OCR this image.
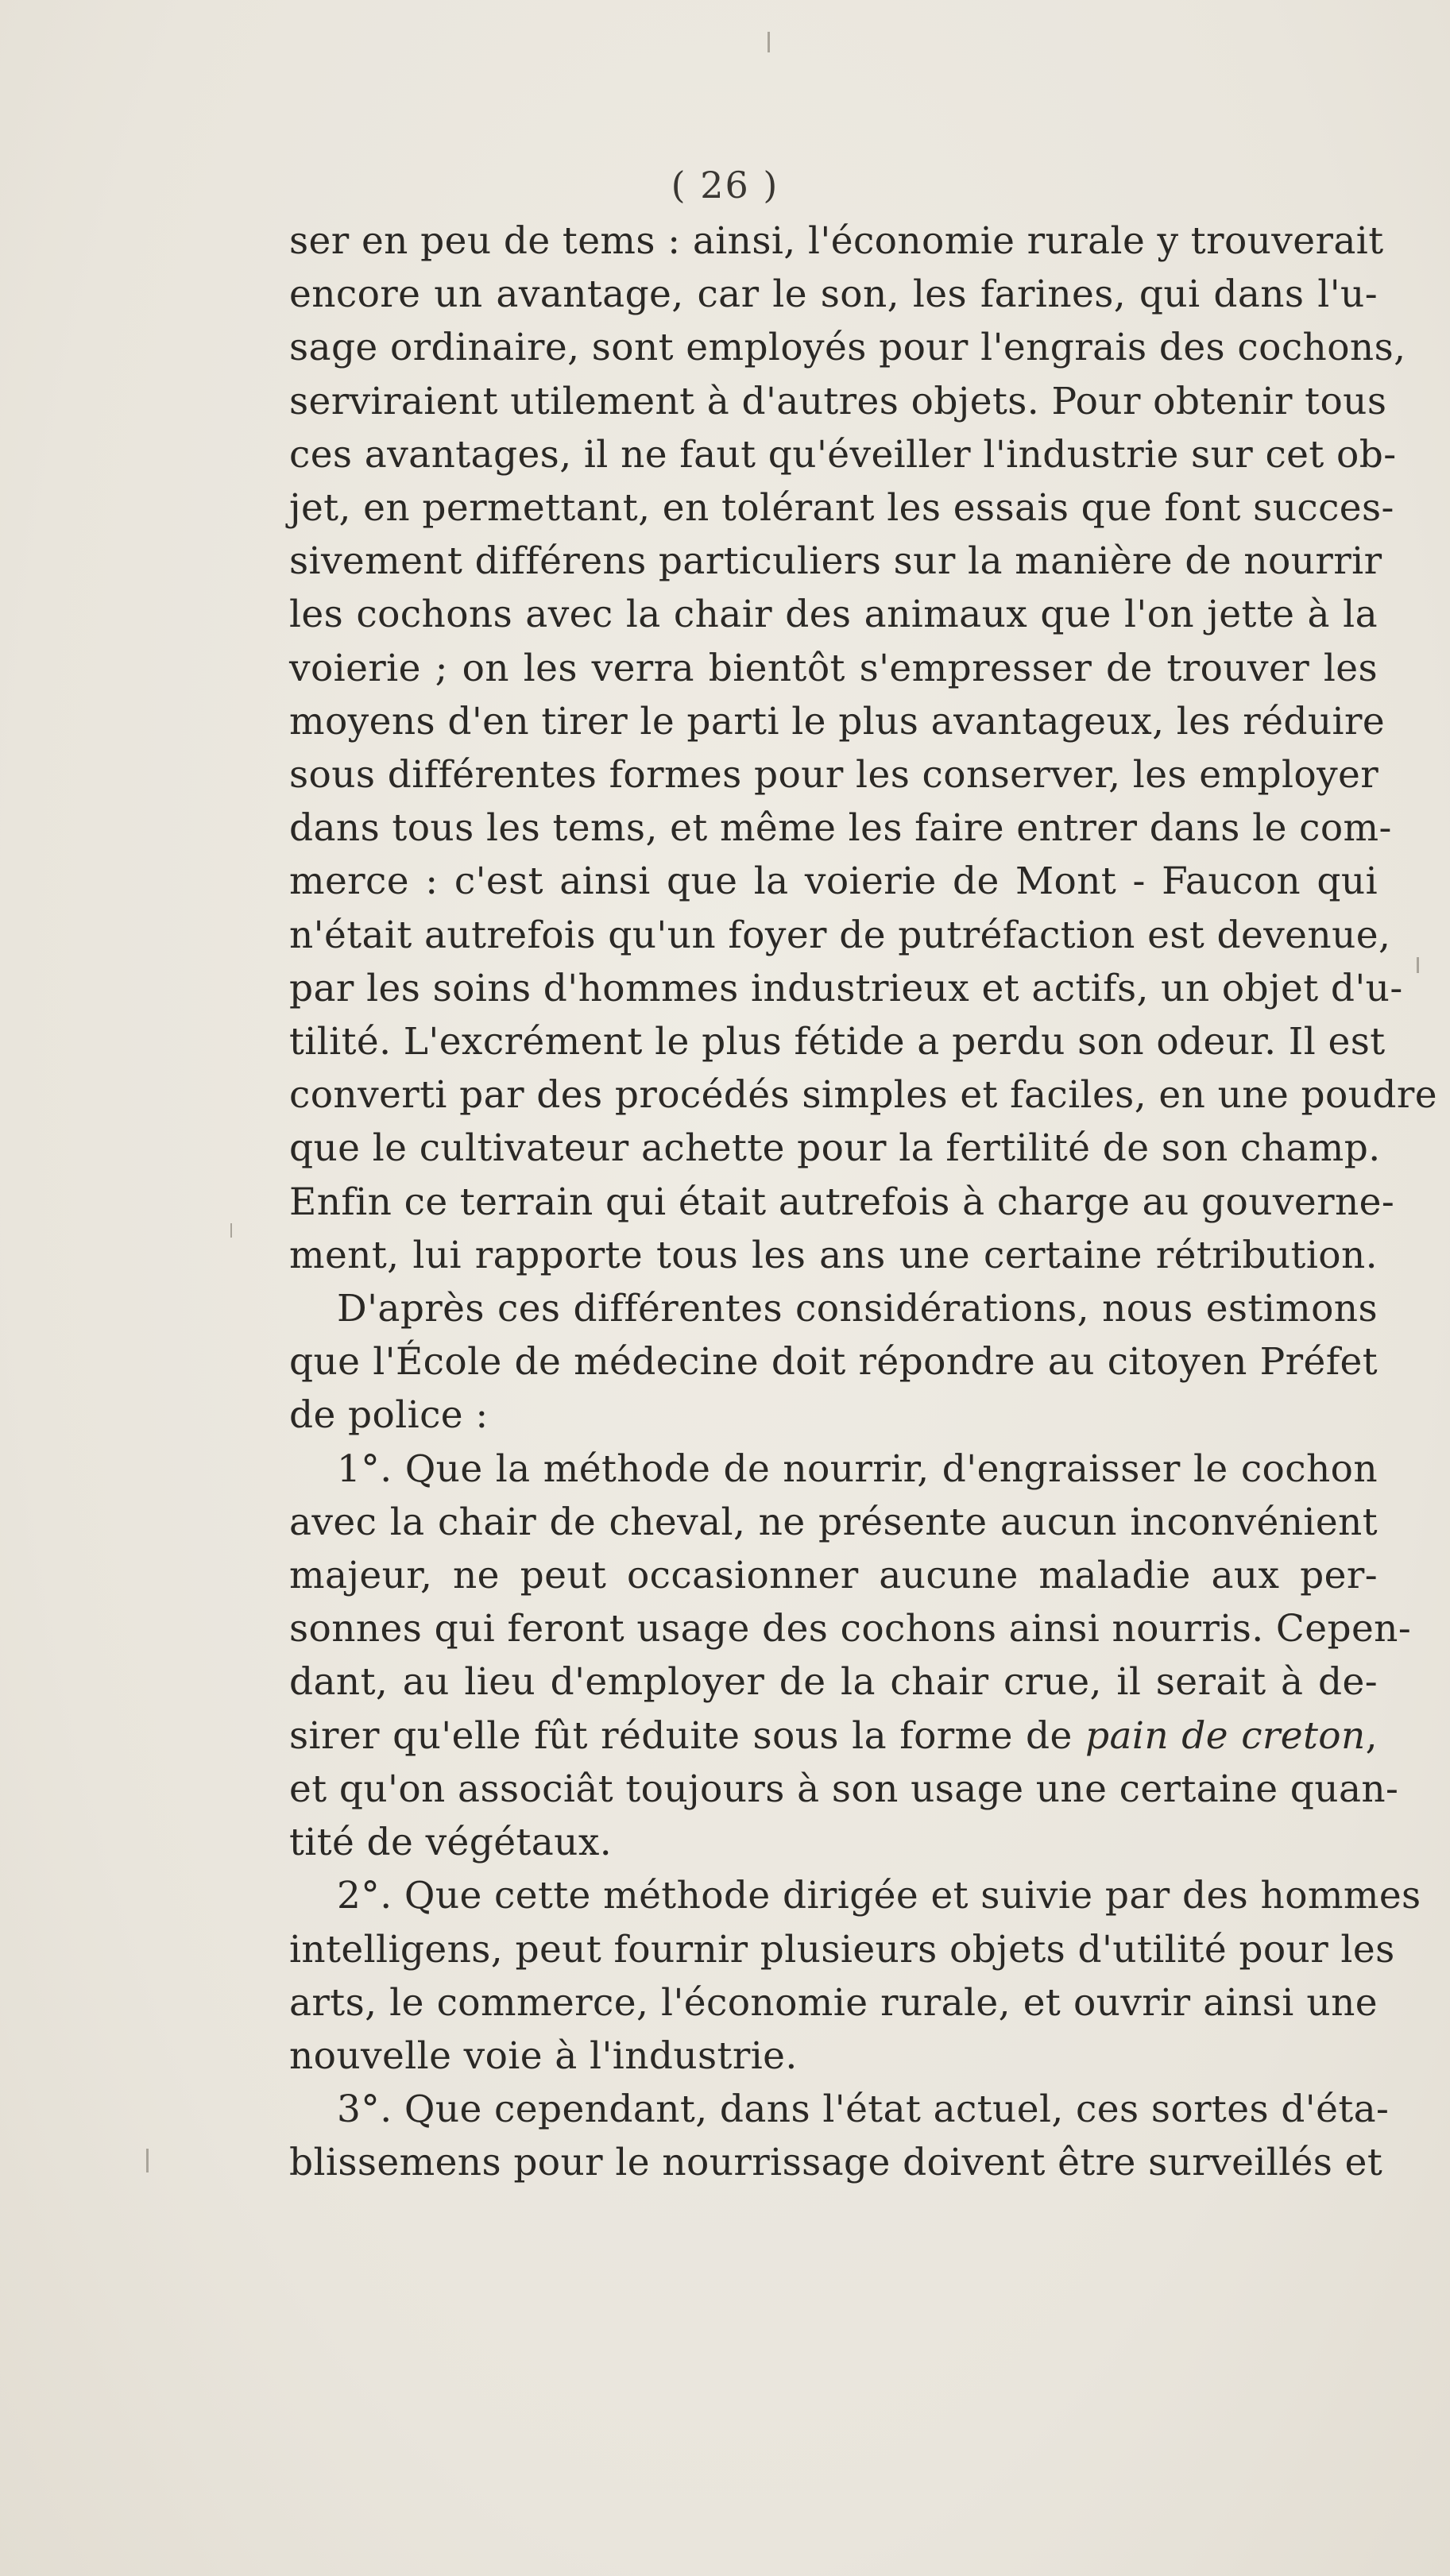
( 26 )
ser en peu de tems : ainsi, l'économie rurale y trouverait
encore un avantage, car le son, les farines, qui dans l'u-
sage ordinaire, sont employés pour l'engrais des cochons,
serviraient utilement à d'autres objets. Pour obtenir tous
ces avantages, il ne faut qu'éveiller l'industrie sur cet ob-
jet, en permettant, en tolérant les essais que font succes-
sivement différens particuliers sur la manière de nourrir
les cochons avec la chair des animaux que l'on jette à la
voierie ; on les verra bientôt s'empresser de trouver les
moyens d'en tirer le parti le plus avantageux, les réduire
sous différentes formes pour les conserver, les employer
dans tous les tems, et même les faire entrer dans le com-
merce : c'est ainsi que la voierie de Mont - Faucon qui
n'était autrefois qu'un foyer de putréfaction est devenue,
par les soins d'hommes industrieux et actifs, un objet d'u-
tilité. L'excrément le plus fétide a perdu son odeur. Il est
converti par des procédés simples et faciles, en une poudre
que le cultivateur achette pour la fertilité de son champ.
Enfin ce terrain qui était autrefois à charge au gouverne-
ment, lui rapporte tous les ans une certaine rétribution.
D'après ces différentes considérations, nous estimons
que l'École de médecine doit répondre au citoyen Préfet
de police :
1°. Que la méthode de nourrir, d'engraisser le cochon
avec la chair de cheval, ne présente aucun inconvénient
majeur, ne peut occasionner aucune maladie aux per-
sonnes qui feront usage des cochons ainsi nourris. Cepen-
dant, au lieu d'employer de la chair crue, il serait à de-
sirer qu'elle fût réduite sous la forme de pain de creton,
et qu'on associât toujours à son usage une certaine quan-
tité de végétaux.
2°. Que cette méthode dirigée et suivie par des hommes
intelligens, peut fournir plusieurs objets d'utilité pour les
arts, le commerce, l'économie rurale, et ouvrir ainsi une
nouvelle voie à l'industrie.
3°. Que cependant, dans l'état actuel, ces sortes d'éta-
blissemens pour le nourrissage doivent être surveillés et
